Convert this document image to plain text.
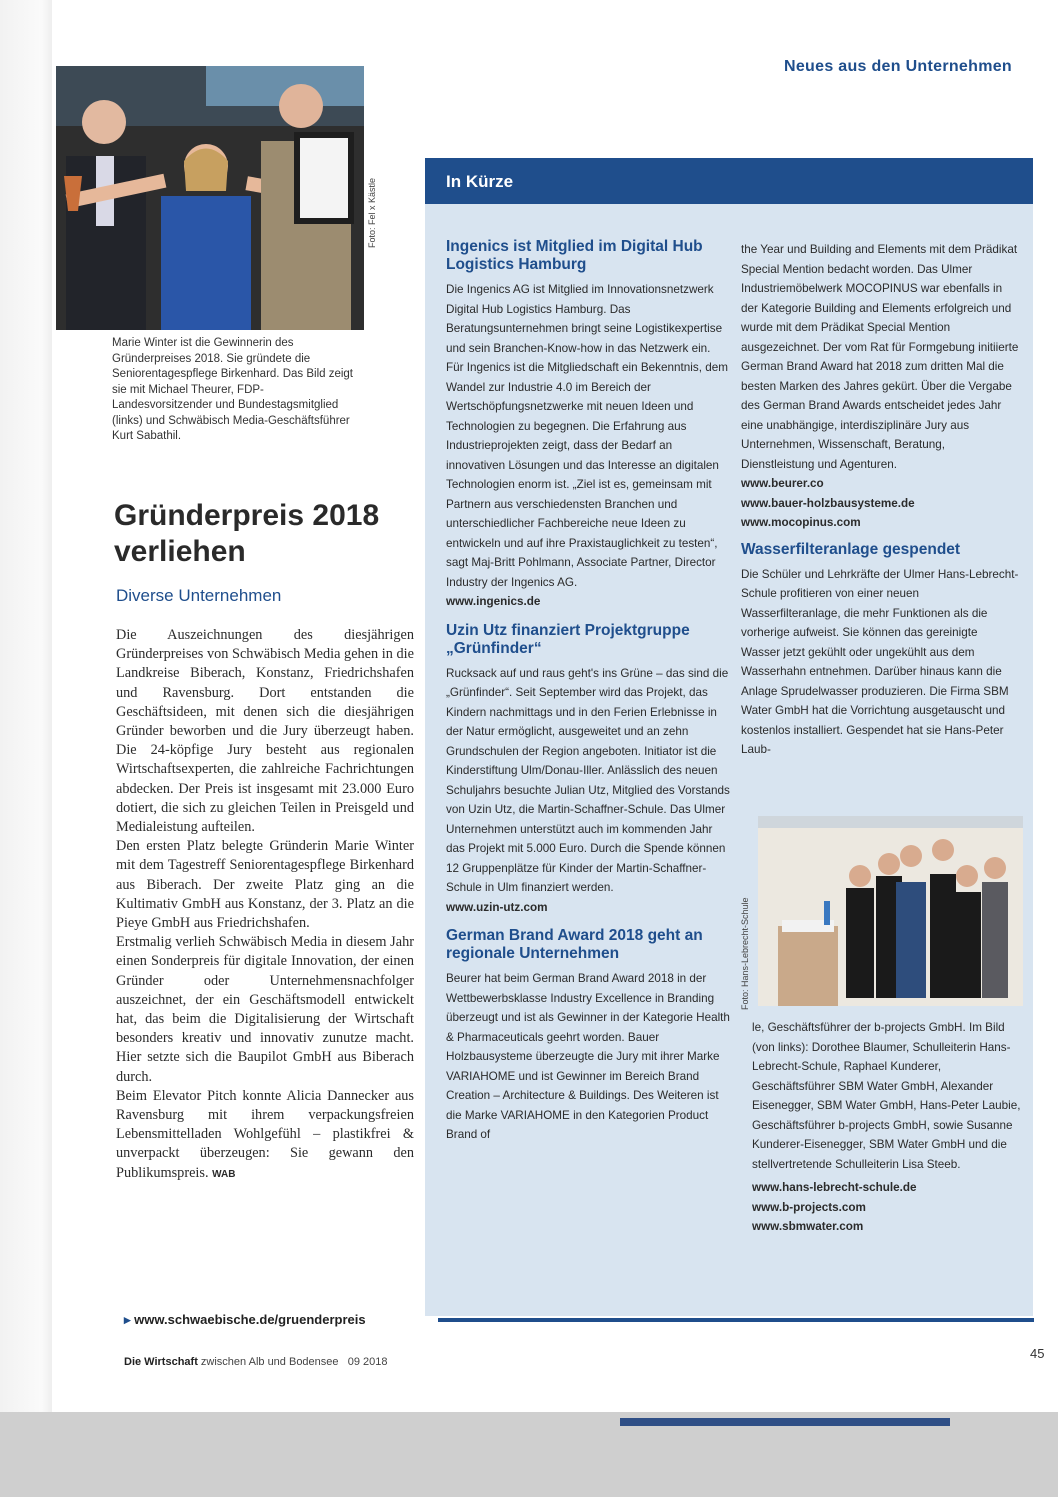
Neues aus den Unternehmen
Foto: Fel x Kästle
Marie Winter ist die Gewinnerin des Gründerpreises 2018. Sie gründete die Seniorentagespflege Birkenhard. Das Bild zeigt sie mit Michael Theurer, FDP-Landesvorsitzender und Bundestagsmitglied (links) und Schwäbisch Media-Geschäftsführer Kurt Sabathil.
Gründerpreis 2018
verliehen
Diverse Unternehmen

Die Auszeichnungen des diesjährigen Gründerpreises von Schwäbisch Media gehen in die Landkreise Biberach, Konstanz, Friedrichshafen und Ravensburg. Dort entstanden die Geschäftsideen, mit denen sich die diesjährigen Gründer beworben und die Jury überzeugt haben. Die 24-köpfige Jury besteht aus regionalen Wirtschaftsexperten, die zahlreiche Fachrichtungen abdecken. Der Preis ist insgesamt mit 23.000 Euro dotiert, die sich zu gleichen Teilen in Preisgeld und Medialeistung aufteilen.

Den ersten Platz belegte Gründerin Marie Winter mit dem Tagestreff Seniorentagespflege Birkenhard aus Biberach. Der zweite Platz ging an die Kultimativ GmbH aus Konstanz, der 3. Platz an die Pieye GmbH aus Friedrichshafen.

Erstmalig verlieh Schwäbisch Media in diesem Jahr einen Sonderpreis für digitale Innovation, der einen Gründer oder Unternehmensnachfolger auszeichnet, der ein Geschäftsmodell entwickelt hat, das beim die Digitalisierung der Wirtschaft besonders kreativ und innovativ zunutze macht. Hier setzte sich die Baupilot GmbH aus Biberach durch.

Beim Elevator Pitch konnte Alicia Dannecker aus Ravensburg mit ihrem verpackungsfreien Lebensmittelladen Wohlgefühl – plastikfrei & unverpackt überzeugen: Sie gewann den Publikumspreis. WAB

▸ www.schwaebische.de/gruenderpreis
In Kürze
Ingenics ist Mitglied im Digital Hub Logistics Hamburg

Die Ingenics AG ist Mitglied im Innovationsnetzwerk Digital Hub Logistics Hamburg. Das Beratungsunternehmen bringt seine Logistikexpertise und sein Branchen-Know-how in das Netzwerk ein. Für Ingenics ist die Mitgliedschaft ein Bekenntnis, dem Wandel zur Industrie 4.0 im Bereich der Wertschöpfungsnetzwerke mit neuen Ideen und Technologien zu begegnen. Die Erfahrung aus Industrieprojekten zeigt, dass der Bedarf an innovativen Lösungen und das Interesse an digitalen Technologien enorm ist. „Ziel ist es, gemeinsam mit Partnern aus verschiedensten Branchen und unterschiedlicher Fachbereiche neue Ideen zu entwickeln und auf ihre Praxistauglichkeit zu testen“, sagt Maj-Britt Pohlmann, Associate Partner, Director Industry der Ingenics AG.

www.ingenics.de

Uzin Utz finanziert Projektgruppe „Grünfinder“

Rucksack auf und raus geht's ins Grüne – das sind die „Grünfinder“. Seit September wird das Projekt, das Kindern nachmittags und in den Ferien Erlebnisse in der Natur ermöglicht, ausgeweitet und an zehn Grundschulen der Region angeboten. Initiator ist die Kinderstiftung Ulm/Donau-Iller. Anlässlich des neuen Schuljahrs besuchte Julian Utz, Mitglied des Vorstands von Uzin Utz, die Martin-Schaffner-Schule. Das Ulmer Unternehmen unterstützt auch im kommenden Jahr das Projekt mit 5.000 Euro. Durch die Spende können 12 Gruppenplätze für Kinder der Martin-Schaffner-Schule in Ulm finanziert werden.

www.uzin-utz.com

German Brand Award 2018 geht an regionale Unternehmen

Beurer hat beim German Brand Award 2018 in der Wettbewerbsklasse Industry Excellence in Branding überzeugt und ist als Gewinner in der Kategorie Health & Pharmaceuticals geehrt worden. Bauer Holzbausysteme überzeugte die Jury mit ihrer Marke VARIAHOME und ist Gewinner im Bereich Brand Creation – Architecture & Buildings. Des Weiteren ist die Marke VARIAHOME in den Kategorien Product Brand of

the Year und Building and Elements mit dem Prädikat Special Mention bedacht worden. Das Ulmer Industriemöbelwerk MOCOPINUS war ebenfalls in der Kategorie Building and Elements erfolgreich und wurde mit dem Prädikat Special Mention ausgezeichnet. Der vom Rat für Formgebung initiierte German Brand Award hat 2018 zum dritten Mal die besten Marken des Jahres gekürt. Über die Vergabe des German Brand Awards entscheidet jedes Jahr eine unabhängige, interdisziplinäre Jury aus Unternehmen, Wissenschaft, Beratung, Dienstleistung und Agenturen.

www.beurer.co

www.bauer-holzbausysteme.de

www.mocopinus.com

Wasserfilteranlage gespendet

Die Schüler und Lehrkräfte der Ulmer Hans-Lebrecht-Schule profitieren von einer neuen Wasserfilteranlage, die mehr Funktionen als die vorherige aufweist. Sie können das gereinigte Wasser jetzt gekühlt oder ungekühlt aus dem Wasserhahn entnehmen. Darüber hinaus kann die Anlage Sprudelwasser produzieren. Die Firma SBM Water GmbH hat die Vorrichtung ausgetauscht und kostenlos installiert. Gespendet hat sie Hans-Peter Laub-

Foto: Hans-Lebrecht-Schule

le, Geschäftsführer der b-projects GmbH. Im Bild (von links): Dorothee Blaumer, Schulleiterin Hans-Lebrecht-Schule, Raphael Kunderer, Geschäftsführer SBM Water GmbH, Alexander Eisenegger, SBM Water GmbH, Hans-Peter Laubie, Geschäftsführer b-projects GmbH, sowie Susanne Kunderer-Eisenegger, SBM Water GmbH und die stellvertretende Schulleiterin Lisa Steeb.

www.hans-lebrecht-schule.de

www.b-projects.com

www.sbmwater.com

Die Wirtschaft zwischen Alb und Bodensee 09 2018
45
